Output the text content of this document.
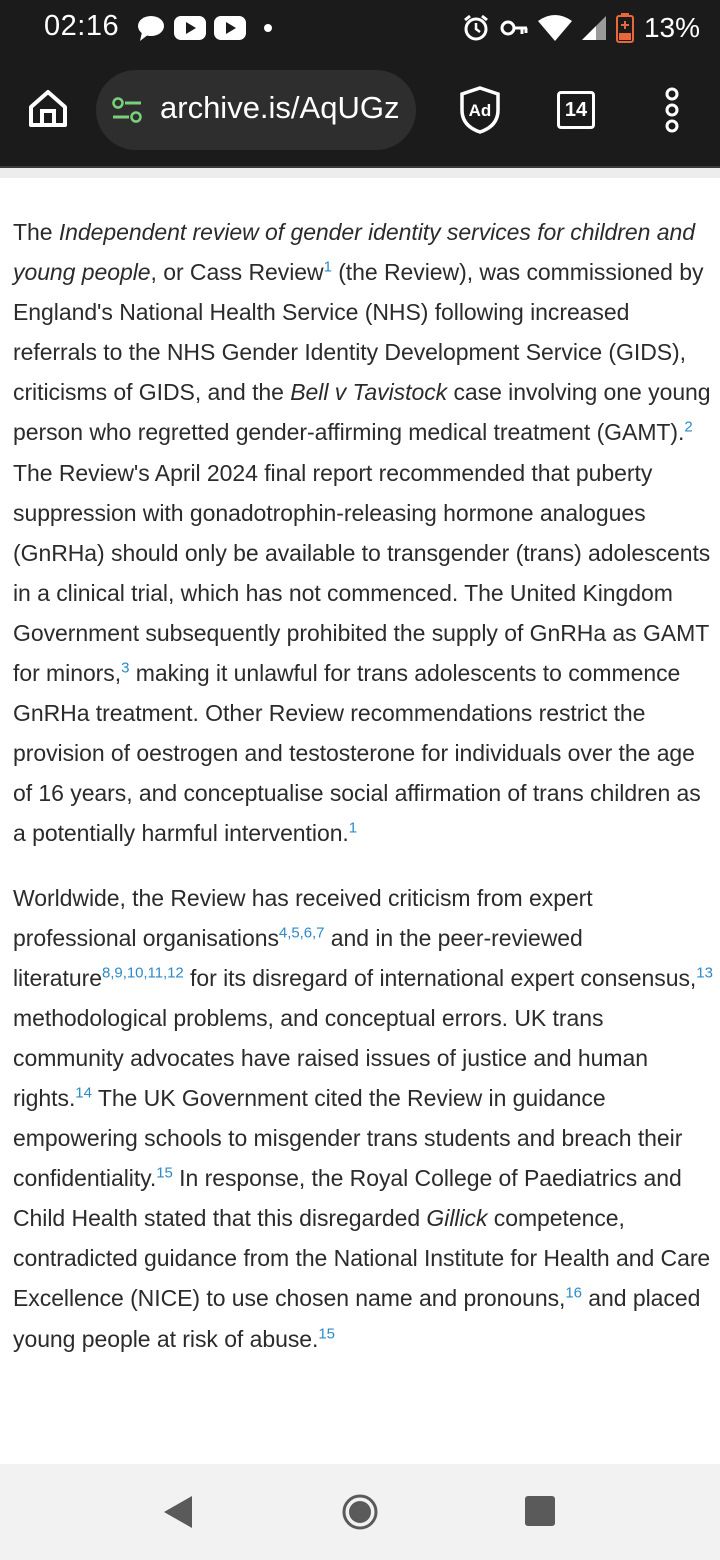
02:16	13%
archive.is/AqUGz	Ad	14

The Independent review of gender identity services for children and young people, or Cass Review$^1$ (the Review), was commissioned by England's National Health Service (NHS) following increased referrals to the NHS Gender Identity Development Service (GIDS), criticisms of GIDS, and the Bell v Tavistock case involving one young person who regretted gender-affirming medical treatment (GAMT).$^2$ The Review's April 2024 final report recommended that puberty suppression with gonadotrophin-releasing hormone analogues (GnRHa) should only be available to transgender (trans) adolescents in a clinical trial, which has not commenced. The United Kingdom Government subsequently prohibited the supply of GnRHa as GAMT for minors,$^3$ making it unlawful for trans adolescents to commence GnRHa treatment. Other Review recommendations restrict the provision of oestrogen and testosterone for individuals over the age of 16 years, and conceptualise social affirmation of trans children as a potentially harmful intervention.$^1$

Worldwide, the Review has received criticism from expert professional organisations$^{4,5,6,7}$ and in the peer-reviewed literature$^{8,9,10,11,12}$ for its disregard of international expert consensus,$^{13}$ methodological problems, and conceptual errors. UK trans community advocates have raised issues of justice and human rights.$^{14}$ The UK Government cited the Review in guidance empowering schools to misgender trans students and breach their confidentiality.$^{15}$ In response, the Royal College of Paediatrics and Child Health stated that this disregarded Gillick competence, contradicted guidance from the National Institute for Health and Care Excellence (NICE) to use chosen name and pronouns,$^{16}$ and placed young people at risk of abuse.$^{15}$
